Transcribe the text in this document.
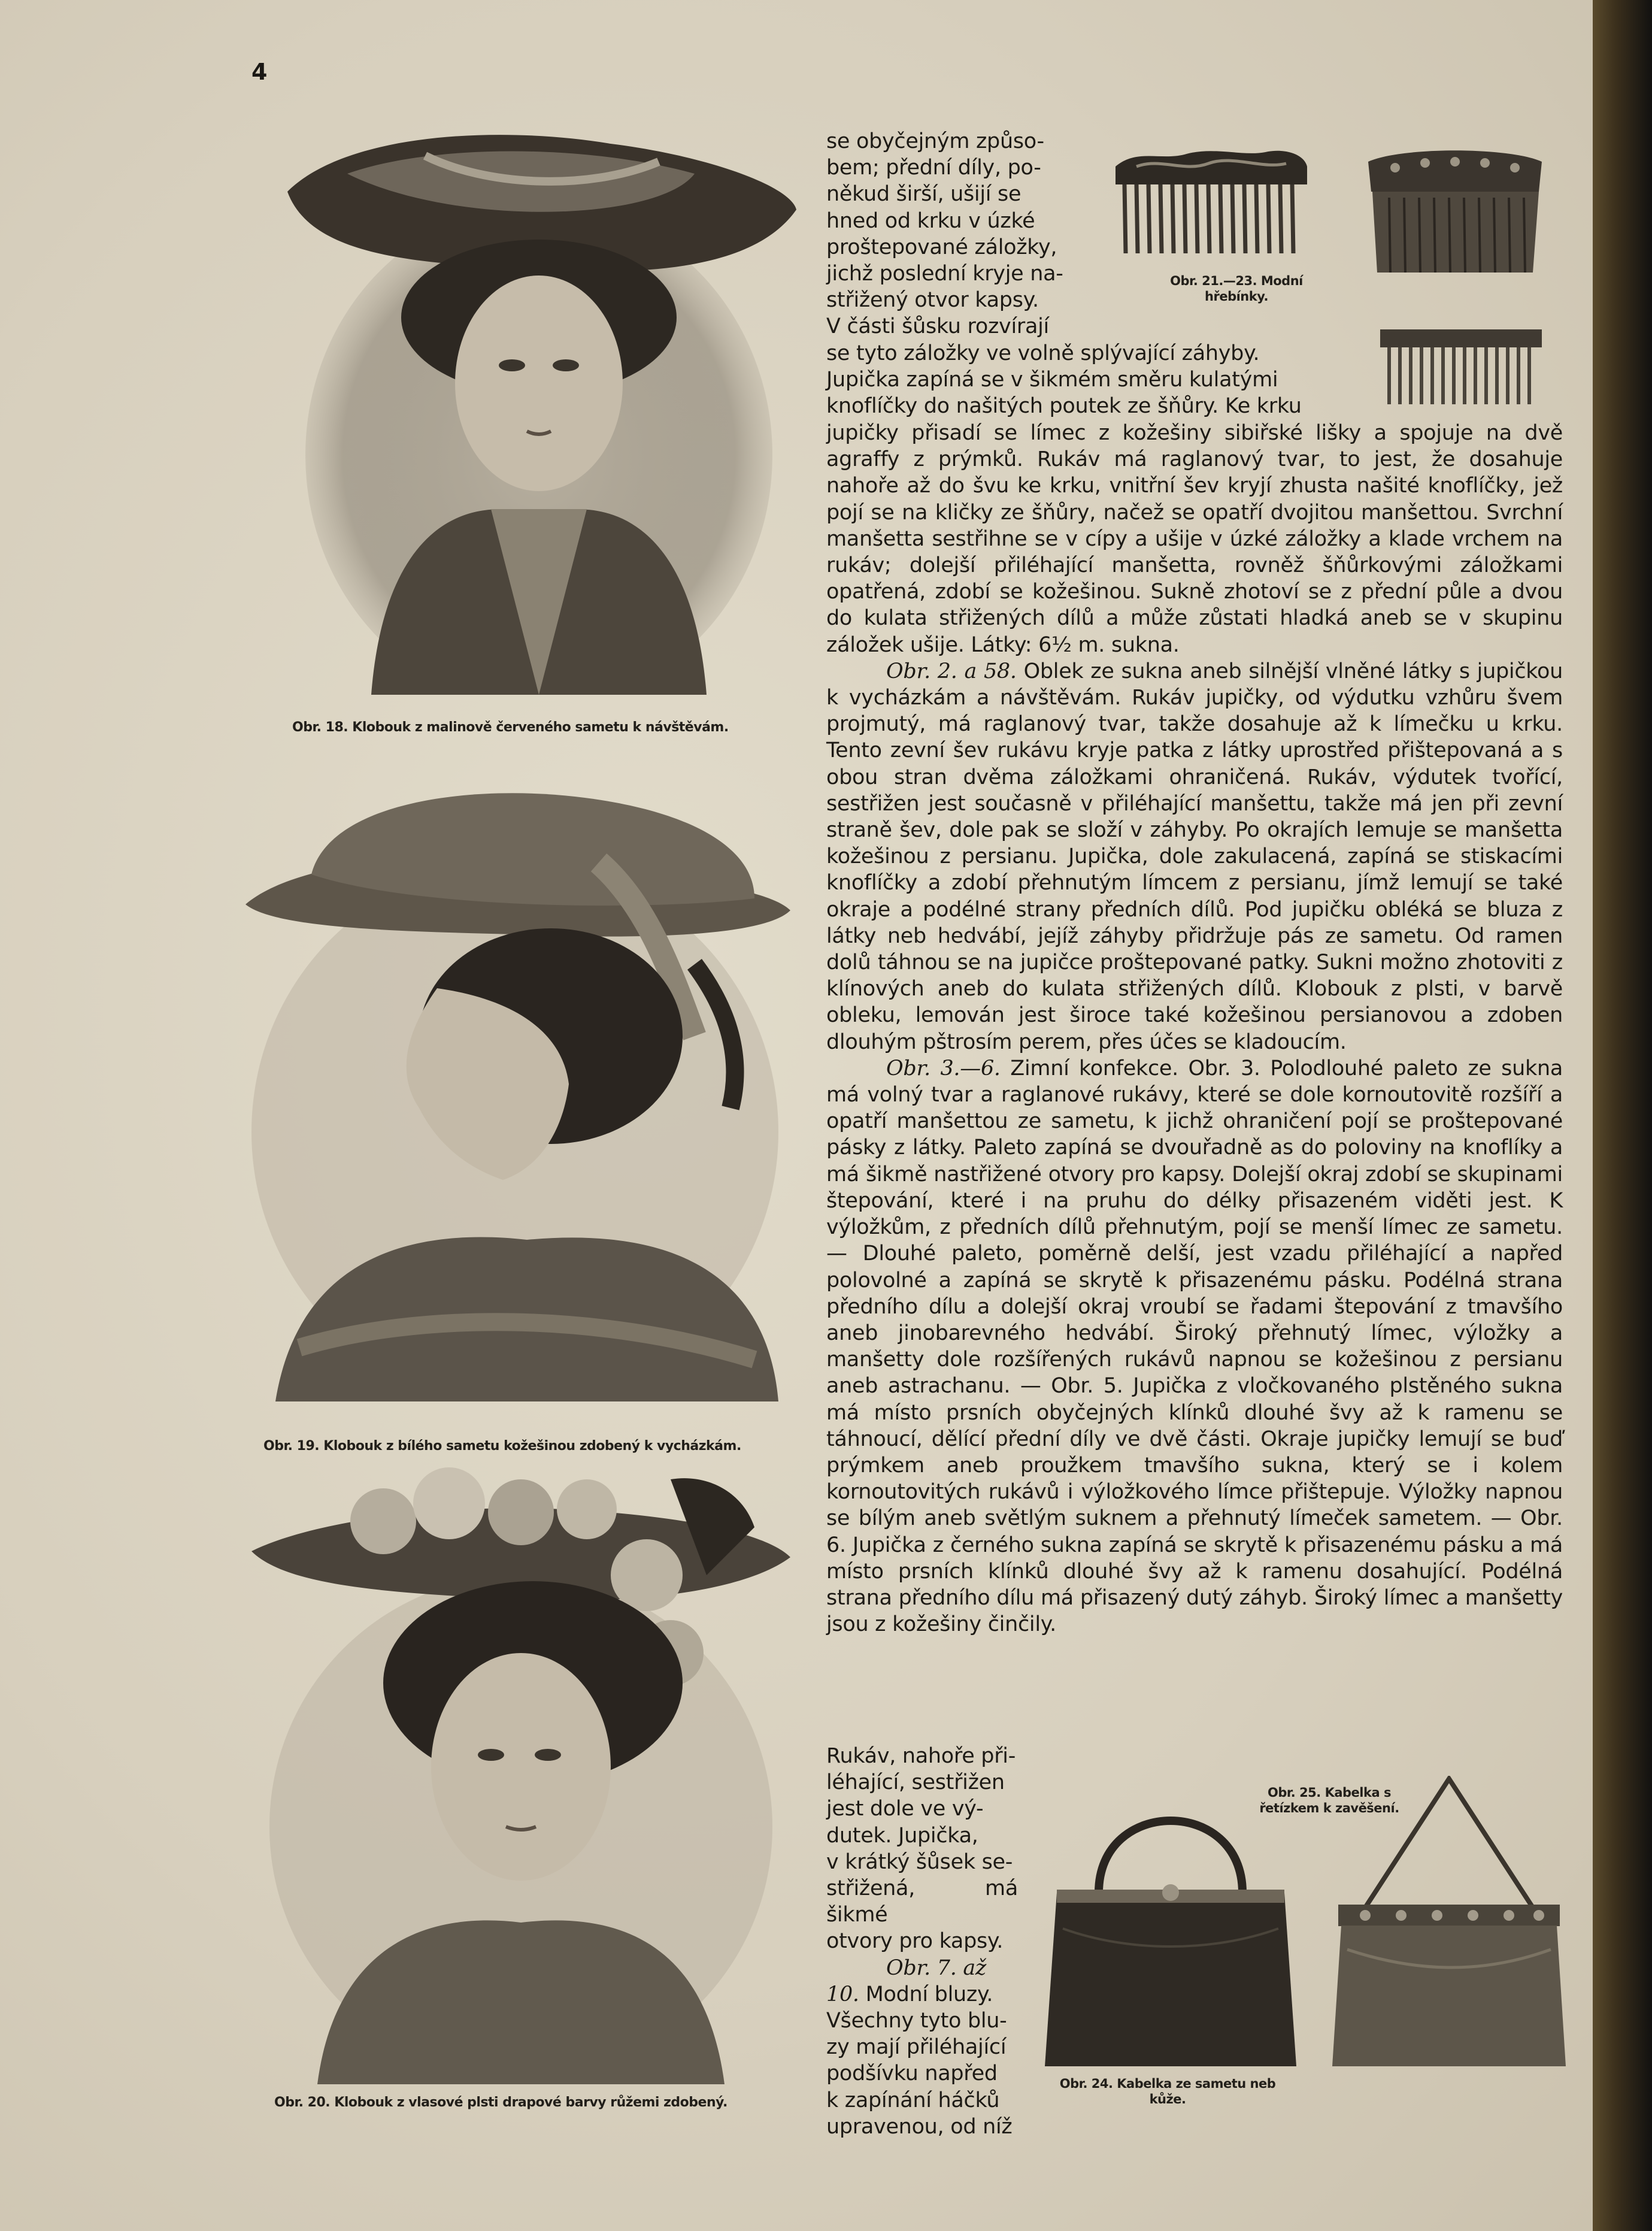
4
Obr. 18. Klobouk z malinově červeného sametu k návštěvám.
Obr. 19. Klobouk z bílého sametu kožešinou zdobený k vycházkám.
Obr. 20. Klobouk z vlasové plsti drapové barvy růžemi zdobený.
Obr. 21.—23. Modní hřebínky.
Obr. 24. Kabelka ze sametu neb kůže.
Obr. 25. Kabelka s řetízkem k zavěšení.

se obyčejným způso-

bem; přední díly, po-

někud širší, ušijí se

hned od krku v úzké

proštepované záložky,

jichž poslední kryje na-

střižený otvor kapsy.

V části šůsku rozvírají

se tyto záložky ve volně splývající záhyby.

Jupička zapíná se v šikmém směru kulatými

knoflíčky do našitých poutek ze šňůry. Ke krku

jupičky přisadí se límec z kožešiny sibiřské lišky a spojuje na dvě agraffy z prýmků. Rukáv má raglanový tvar, to jest, že dosahuje nahoře až do švu ke krku, vnitřní šev kryjí zhusta našité knoflíčky, jež pojí se na kličky ze šňůry, načež se opatří dvojitou manšettou. Svrchní manšetta sestřihne se v cípy a ušije v úzké záložky a klade vrchem na rukáv; dolejší přiléhající manšetta, rovněž šňůrkovými záložkami opatřená, zdobí se kožešinou. Sukně zhotoví se z přední půle a dvou do kulata střižených dílů a může zůstati hladká aneb se v skupinu záložek ušije. Látky: 6½ m. sukna.

Obr. 2. a 58. Oblek ze sukna aneb silnější vlněné látky s jupičkou k vycházkám a návštěvám. Rukáv jupičky, od výdutku vzhůru švem projmutý, má raglanový tvar, takže dosahuje až k límečku u krku. Tento zevní šev rukávu kryje patka z látky uprostřed přištepovaná a s obou stran dvěma záložkami ohraničená. Rukáv, výdutek tvořící, sestřižen jest současně v přiléhající manšettu, takže má jen při zevní straně šev, dole pak se složí v záhyby. Po okrajích lemuje se manšetta kožešinou z persianu. Jupička, dole zakulacená, zapíná se stiskacími knoflíčky a zdobí přehnutým límcem z persianu, jímž lemují se také okraje a podélné strany předních dílů. Pod jupičku obléká se bluza z látky neb hedvábí, jejíž záhyby přidržuje pás ze sametu. Od ramen dolů táhnou se na jupičce proštepované patky. Sukni možno zhotoviti z klínových aneb do kulata střižených dílů. Klobouk z plsti, v barvě obleku, lemován jest široce také kožešinou persianovou a zdoben dlouhým pštrosím perem, přes účes se kladoucím.

Obr. 3.—6. Zimní konfekce. Obr. 3. Polodlouhé paleto ze sukna má volný tvar a raglanové rukávy, které se dole kornoutovitě rozšíří a opatří manšettou ze sametu, k jichž ohraničení pojí se proštepované pásky z látky. Paleto zapíná se dvouřadně as do poloviny na knoflíky a má šikmě nastřižené otvory pro kapsy. Dolejší okraj zdobí se skupinami štepování, které i na pruhu do délky přisazeném viděti jest. K výložkům, z předních dílů přehnutým, pojí se menší límec ze sametu. — Dlouhé paleto, poměrně delší, jest vzadu přiléhající a napřed polovolné a zapíná se skrytě k přisazenému pásku. Podélná strana předního dílu a dolejší okraj vroubí se řadami štepování z tmavšího aneb jinobarevného hedvábí. Široký přehnutý límec, výložky a manšetty dole rozšířených rukávů napnou se kožešinou z persianu aneb astrachanu. — Obr. 5. Jupička z vločkovaného plstěného sukna má místo prsních obyčejných klínků dlouhé švy až k ramenu se táhnoucí, dělící přední díly ve dvě části. Okraje jupičky lemují se buď prýmkem aneb proužkem tmavšího sukna, který se i kolem kornoutovitých rukávů i výložkového límce přištepuje. Výložky napnou se bílým aneb světlým suknem a přehnutý límeček sametem. — Obr. 6. Jupička z černého sukna zapíná se skrytě k přisazenému pásku a má místo prsních klínků dlouhé švy až k ramenu dosahující. Podélná strana předního dílu má přisazený dutý záhyb. Široký límec a manšetty jsou z kožešiny činčily.

Rukáv, nahoře při-

léhající, sestřižen

jest dole ve vý-

dutek. Jupička,

v krátký šůsek se-

střižená, má šikmé

otvory pro kapsy.

Obr. 7. až

10. Modní bluzy.

Všechny tyto blu-

zy mají přiléhající

podšívku napřed

k zapínání háčků

upravenou, od níž
